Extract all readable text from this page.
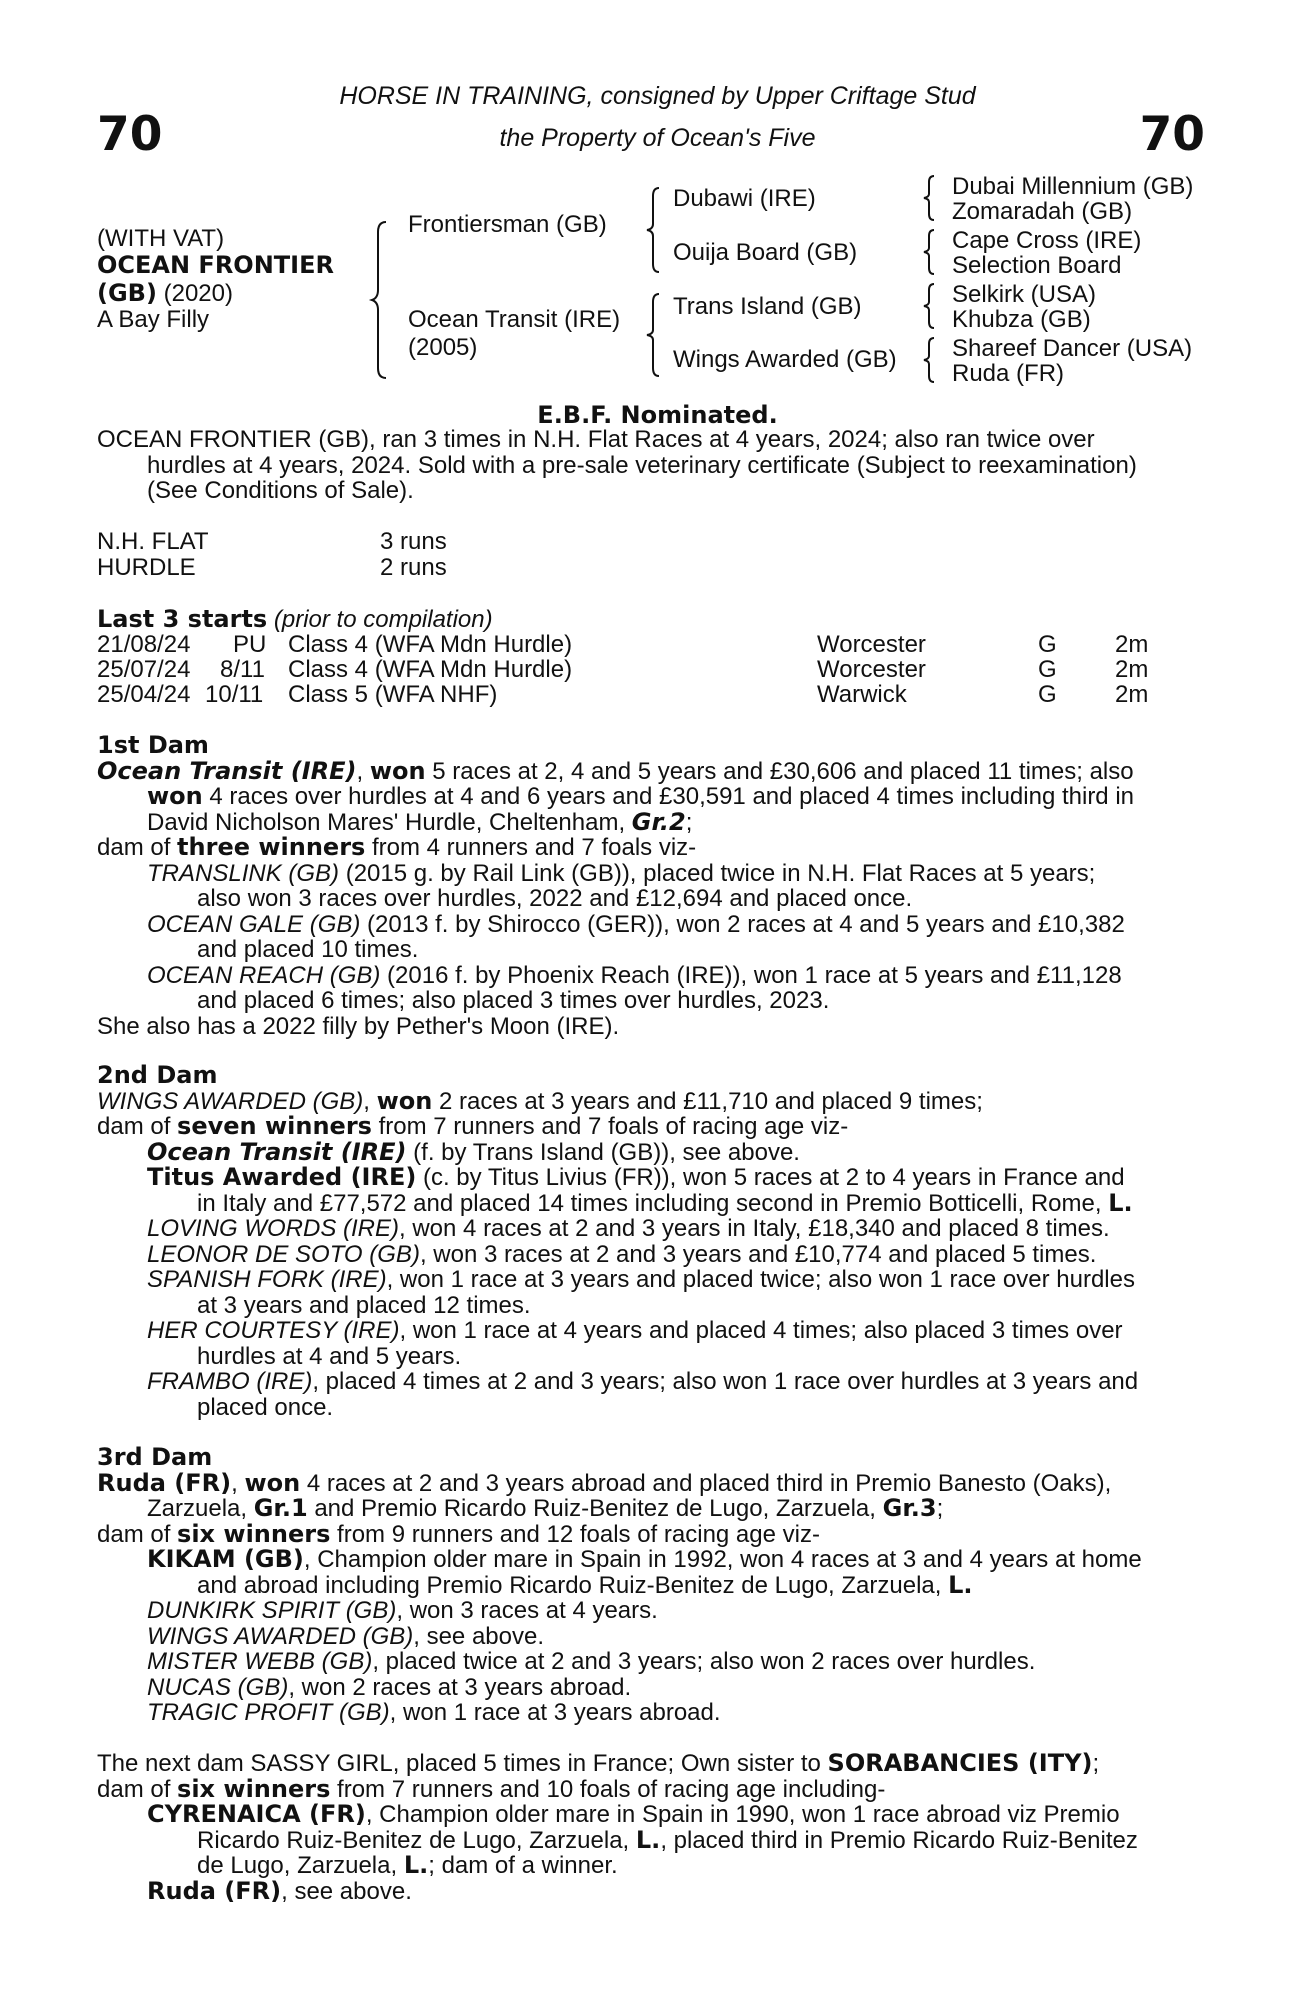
70	70
HORSE IN TRAINING, consigned by Upper Criftage Stud
the Property of Ocean's Five
(WITH VAT)
OCEAN FRONTIER
(GB) (2020)
A Bay Filly
Frontiersman (GB)
Ocean Transit (IRE)
(2005)
Dubawi (IRE)
Ouija Board (GB)
Trans Island (GB)
Wings Awarded (GB)
Dubai Millennium (GB)
Zomaradah (GB)
Cape Cross (IRE)
Selection Board
Selkirk (USA)
Khubza (GB)
Shareef Dancer (USA)
Ruda (FR)
E.B.F. Nominated.
OCEAN FRONTIER (GB), ran 3 times in N.H. Flat Races at 4 years, 2024; also ran twice over
hurdles at 4 years, 2024. Sold with a pre-sale veterinary certificate (Subject to reexamination)
(See Conditions of Sale).
N.H. FLAT	3 runs
HURDLE	2 runs
Last 3 starts (prior to compilation)
21/08/24 PU Class 4 (WFA Mdn Hurdle)	Worcester	G 2m
25/07/24 8/11 Class 4 (WFA Mdn Hurdle)	Worcester	G 2m
25/04/24 10/11 Class 5 (WFA NHF)	Warwick	G 2m
1st Dam
Ocean Transit (IRE), won 5 races at 2, 4 and 5 years and £30,606 and placed 11 times; also
won 4 races over hurdles at 4 and 6 years and £30,591 and placed 4 times including third in
David Nicholson Mares' Hurdle, Cheltenham, Gr.2;
dam of three winners from 4 runners and 7 foals viz-
TRANSLINK (GB) (2015 g. by Rail Link (GB)), placed twice in N.H. Flat Races at 5 years;
also won 3 races over hurdles, 2022 and £12,694 and placed once.
OCEAN GALE (GB) (2013 f. by Shirocco (GER)), won 2 races at 4 and 5 years and £10,382
and placed 10 times.
OCEAN REACH (GB) (2016 f. by Phoenix Reach (IRE)), won 1 race at 5 years and £11,128
and placed 6 times; also placed 3 times over hurdles, 2023.
She also has a 2022 filly by Pether's Moon (IRE).
2nd Dam
WINGS AWARDED (GB), won 2 races at 3 years and £11,710 and placed 9 times;
dam of seven winners from 7 runners and 7 foals of racing age viz-
Ocean Transit (IRE) (f. by Trans Island (GB)), see above.
Titus Awarded (IRE) (c. by Titus Livius (FR)), won 5 races at 2 to 4 years in France and
in Italy and £77,572 and placed 14 times including second in Premio Botticelli, Rome, L.
LOVING WORDS (IRE), won 4 races at 2 and 3 years in Italy, £18,340 and placed 8 times.
LEONOR DE SOTO (GB), won 3 races at 2 and 3 years and £10,774 and placed 5 times.
SPANISH FORK (IRE), won 1 race at 3 years and placed twice; also won 1 race over hurdles
at 3 years and placed 12 times.
HER COURTESY (IRE), won 1 race at 4 years and placed 4 times; also placed 3 times over
hurdles at 4 and 5 years.
FRAMBO (IRE), placed 4 times at 2 and 3 years; also won 1 race over hurdles at 3 years and
placed once.
3rd Dam
Ruda (FR), won 4 races at 2 and 3 years abroad and placed third in Premio Banesto (Oaks),
Zarzuela, Gr.1 and Premio Ricardo Ruiz-Benitez de Lugo, Zarzuela, Gr.3;
dam of six winners from 9 runners and 12 foals of racing age viz-
KIKAM (GB), Champion older mare in Spain in 1992, won 4 races at 3 and 4 years at home
and abroad including Premio Ricardo Ruiz-Benitez de Lugo, Zarzuela, L.
DUNKIRK SPIRIT (GB), won 3 races at 4 years.
WINGS AWARDED (GB), see above.
MISTER WEBB (GB), placed twice at 2 and 3 years; also won 2 races over hurdles.
NUCAS (GB), won 2 races at 3 years abroad.
TRAGIC PROFIT (GB), won 1 race at 3 years abroad.
The next dam SASSY GIRL, placed 5 times in France; Own sister to SORABANCIES (ITY);
dam of six winners from 7 runners and 10 foals of racing age including-
CYRENAICA (FR), Champion older mare in Spain in 1990, won 1 race abroad viz Premio
Ricardo Ruiz-Benitez de Lugo, Zarzuela, L., placed third in Premio Ricardo Ruiz-Benitez
de Lugo, Zarzuela, L.; dam of a winner.
Ruda (FR), see above.
